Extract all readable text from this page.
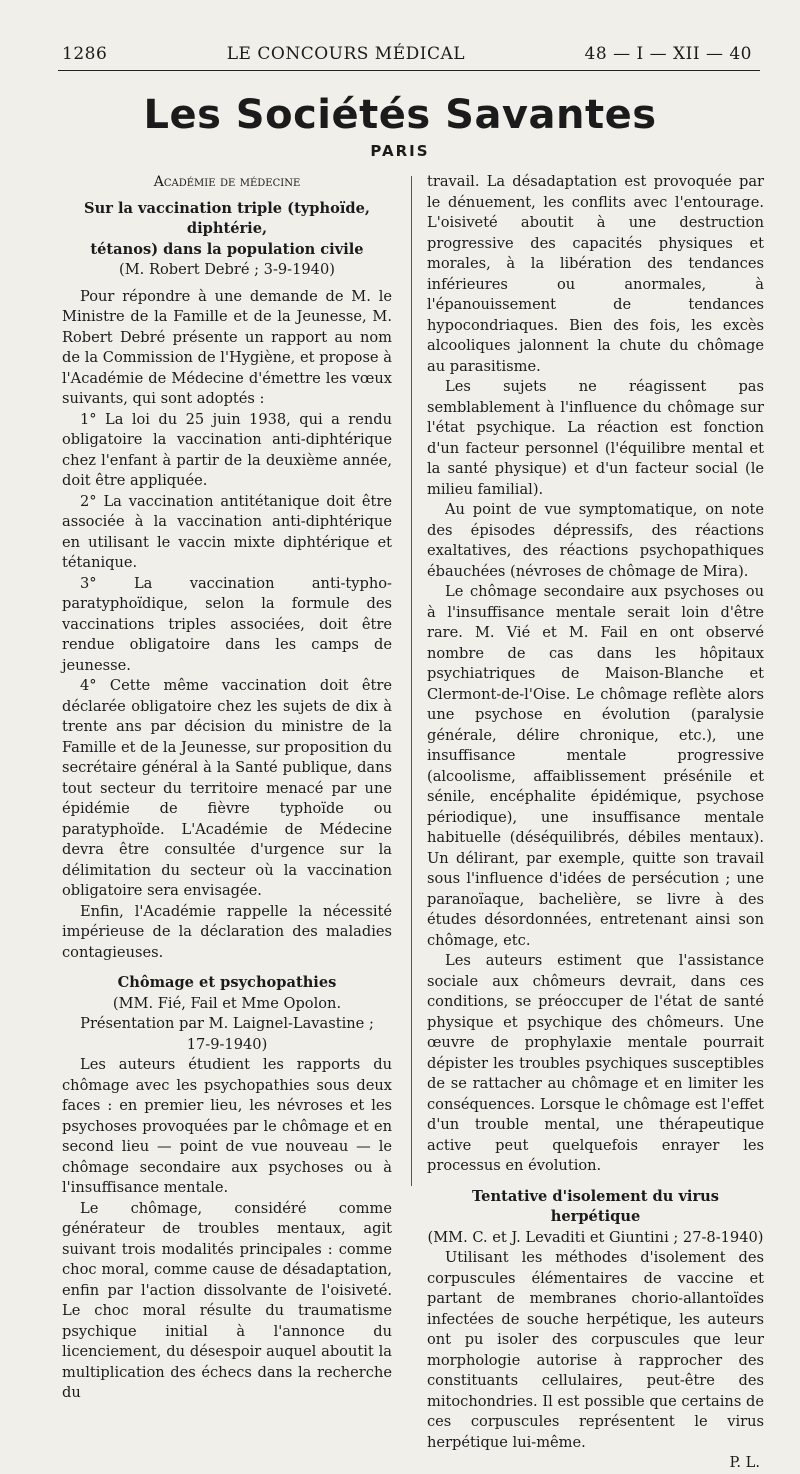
1286	LE CONCOURS MÉDICAL	48 — I — XII — 40
Les Sociétés Savantes
PARIS
Académie de médecine
Sur la vaccination triple (typhoïde, diphtérie,
tétanos) dans la population civile
(M. Robert Debré ; 3-9-1940)

Pour répondre à une demande de M. le Ministre de la Famille et de la Jeunesse, M. Robert Debré présente un rapport au nom de la Commission de l'Hygiène, et propose à l'Académie de Médecine d'émettre les vœux suivants, qui sont adoptés :

1° La loi du 25 juin 1938, qui a rendu obligatoire la vaccination anti-diphtérique chez l'enfant à partir de la deuxième année, doit être appliquée.

2° La vaccination antitétanique doit être associée à la vaccination anti-diphtérique en utilisant le vaccin mixte diphtérique et tétanique.

3° La vaccination anti-typho-paratyphoïdique, selon la formule des vaccinations triples associées, doit être rendue obligatoire dans les camps de jeunesse.

4° Cette même vaccination doit être déclarée obligatoire chez les sujets de dix à trente ans par décision du ministre de la Famille et de la Jeunesse, sur proposition du secrétaire général à la Santé publique, dans tout secteur du territoire menacé par une épidémie de fièvre typhoïde ou paratyphoïde. L'Académie de Médecine devra être consultée d'urgence sur la délimitation du secteur où la vaccination obligatoire sera envisagée.

Enfin, l'Académie rappelle la nécessité impérieuse de la déclaration des maladies contagieuses.

Chômage et psychopathies
(MM. Fié, Fail et Mme Opolon.
Présentation par M. Laignel-Lavastine ;
17-9-1940)

Les auteurs étudient les rapports du chômage avec les psychopathies sous deux faces : en premier lieu, les névroses et les psychoses provoquées par le chômage et en second lieu — point de vue nouveau — le chômage secondaire aux psychoses ou à l'insuffisance mentale.

Le chômage, considéré comme générateur de troubles mentaux, agit suivant trois modalités principales : comme choc moral, comme cause de désadaptation, enfin par l'action dissolvante de l'oisiveté. Le choc moral résulte du traumatisme psychique initial à l'annonce du licenciement, du désespoir auquel aboutit la multiplication des échecs dans la recherche du

travail. La désadaptation est provoquée par le dénuement, les conflits avec l'entourage. L'oisiveté aboutit à une destruction progressive des capacités physiques et morales, à la libération des tendances inférieures ou anormales, à l'épanouissement de tendances hypocondriaques. Bien des fois, les excès alcooliques jalonnent la chute du chômage au parasitisme.

Les sujets ne réagissent pas semblablement à l'influence du chômage sur l'état psychique. La réaction est fonction d'un facteur personnel (l'équilibre mental et la santé physique) et d'un facteur social (le milieu familial).

Au point de vue symptomatique, on note des épisodes dépressifs, des réactions exaltatives, des réactions psychopathiques ébauchées (névroses de chômage de Mira).

Le chômage secondaire aux psychoses ou à l'insuffisance mentale serait loin d'être rare. M. Vié et M. Fail en ont observé nombre de cas dans les hôpitaux psychiatriques de Maison-Blanche et Clermont-de-l'Oise. Le chômage reflète alors une psychose en évolution (paralysie générale, délire chronique, etc.), une insuffisance mentale progressive (alcoolisme, affaiblissement présénile et sénile, encéphalite épidémique, psychose périodique), une insuffisance mentale habituelle (déséquilibrés, débiles mentaux). Un délirant, par exemple, quitte son travail sous l'influence d'idées de persécution ; une paranoïaque, bachelière, se livre à des études désordonnées, entretenant ainsi son chômage, etc.

Les auteurs estiment que l'assistance sociale aux chômeurs devrait, dans ces conditions, se préoccuper de l'état de santé physique et psychique des chômeurs. Une œuvre de prophylaxie mentale pourrait dépister les troubles psychiques susceptibles de se rattacher au chômage et en limiter les conséquences. Lorsque le chômage est l'effet d'un trouble mental, une thérapeutique active peut quelquefois enrayer les processus en évolution.

Tentative d'isolement du virus herpétique
(MM. C. et J. Levaditi et Giuntini ; 27-8-1940)

Utilisant les méthodes d'isolement des corpuscules élémentaires de vaccine et partant de membranes chorio-allantoïdes infectées de souche herpétique, les auteurs ont pu isoler des corpuscules que leur morphologie autorise à rapprocher des constituants cellulaires, peut-être des mitochondries. Il est possible que certains de ces corpuscules représentent le virus herpétique lui-même.

P. L.
